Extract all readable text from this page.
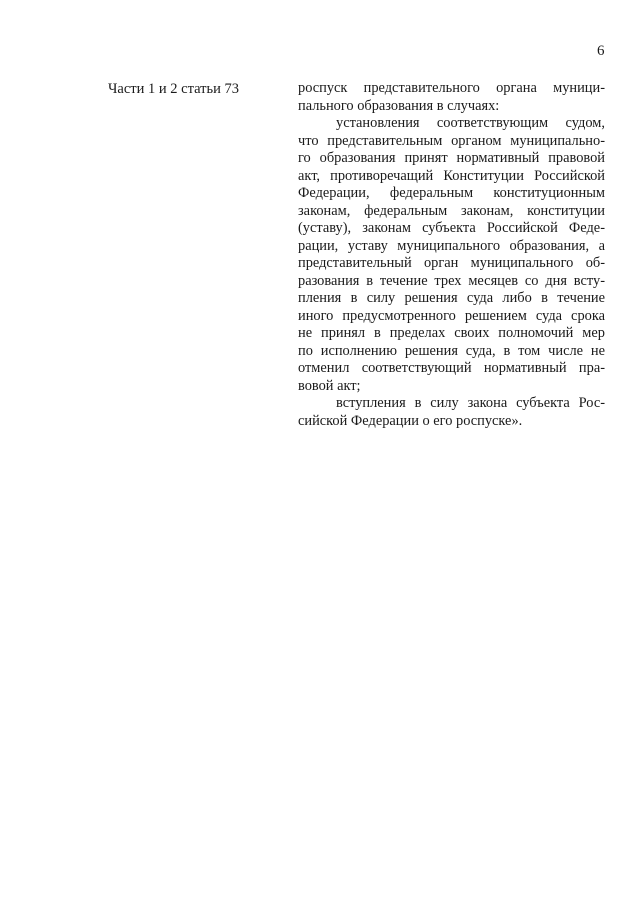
6
Части 1 и 2 статьи 73	роспуск представительного органа муници-
пального образования в случаях:
установления соответствующим судом,
что представительным органом муниципально-
го образования принят нормативный правовой
акт, противоречащий Конституции Российской
Федерации, федеральным конституционным
законам, федеральным законам, конституции
(уставу), законам субъекта Российской Феде-
рации, уставу муниципального образования, а
представительный орган муниципального об-
разования в течение трех месяцев со дня всту-
пления в силу решения суда либо в течение
иного предусмотренного решением суда срока
не принял в пределах своих полномочий мер
по исполнению решения суда, в том числе не
отменил соответствующий нормативный пра-
вовой акт;
вступления в силу закона субъекта Рос-
сийской Федерации о его роспуске».
